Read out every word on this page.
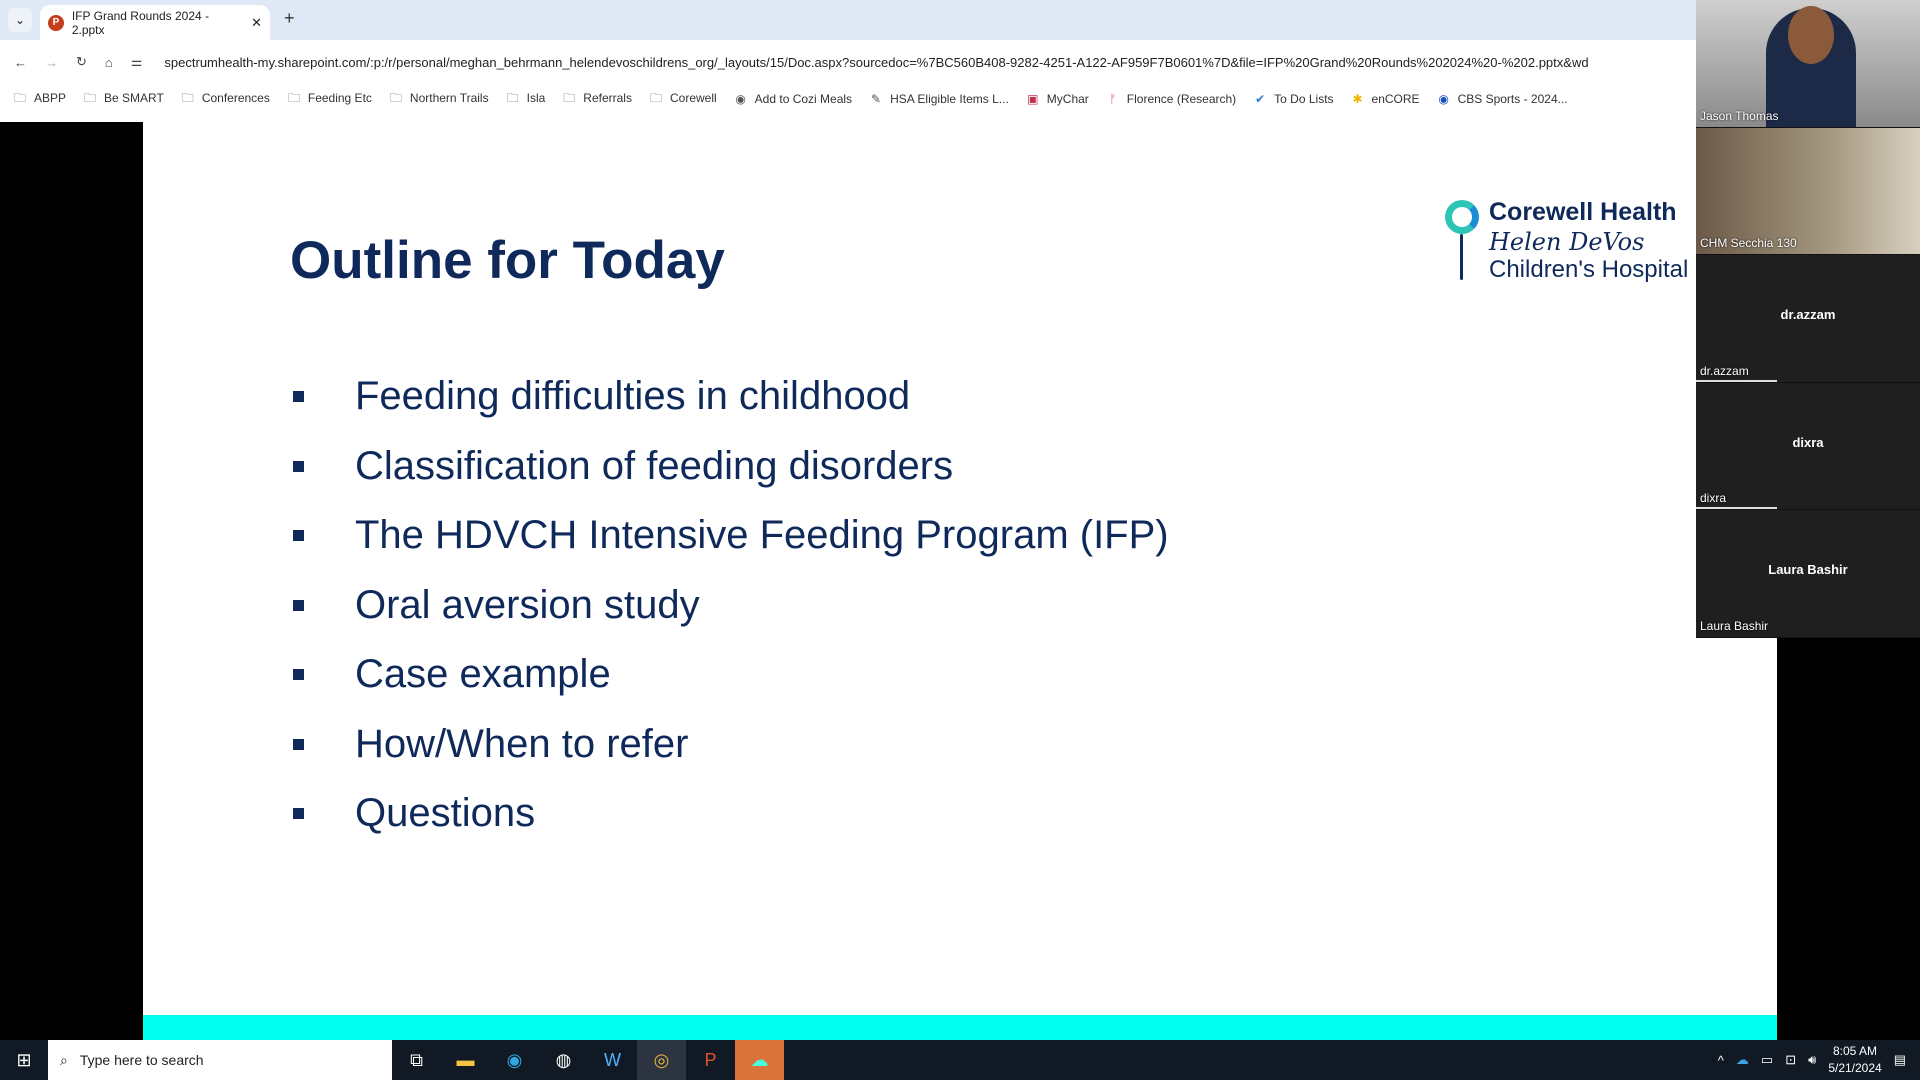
⌄	P	IFP Grand Rounds 2024 - 2.pptx	✕ +
← → ↻ ⌂ ⚌ spectrumhealth-my.sharepoint.com/:p:/r/personal/meghan_behrmann_helendevoschildrens_org/_layouts/15/Doc.aspx?sourcedoc=%7BC560B408-9282-4251-A122-AF959F7B0601%7D&file=IFP%20Grand%20Rounds%202024%20-%202.pptx&wd
🗀︎ ABPP 🗀︎ Be SMART 🗀︎ Conferences 🗀︎ Feeding Etc 🗀︎ Northern Trails 🗀︎ Isla 🗀︎ Referrals 🗀︎ Corewell ◉ Add to Cozi Meals ✎ HSA Eligible Items L... ▣ MyChar	ᚠ Florence (Research) ✔ To Do Lists ✱ enCORE ◉ CBS Sports - 2024...
Outline for Today
Corewell Health
Helen DeVos
Children's Hospital
Feeding difficulties in childhood
Classification of feeding disorders
The HDVCH Intensive Feeding Program (IFP)
Oral aversion study
Case example
How/When to refer
Questions
Jason Thomas
CHM Secchia 130
dr.azzam
dr.azzam
dixra
dixra
Laura Bashir
Laura Bashir
⊞	⌕ Type here to search	⧉	▬	◉	◍	W	◎	P	☁	^ ☁ ▭ ⊡ 🔊︎
8:05 AM
5/21/2024
▤
